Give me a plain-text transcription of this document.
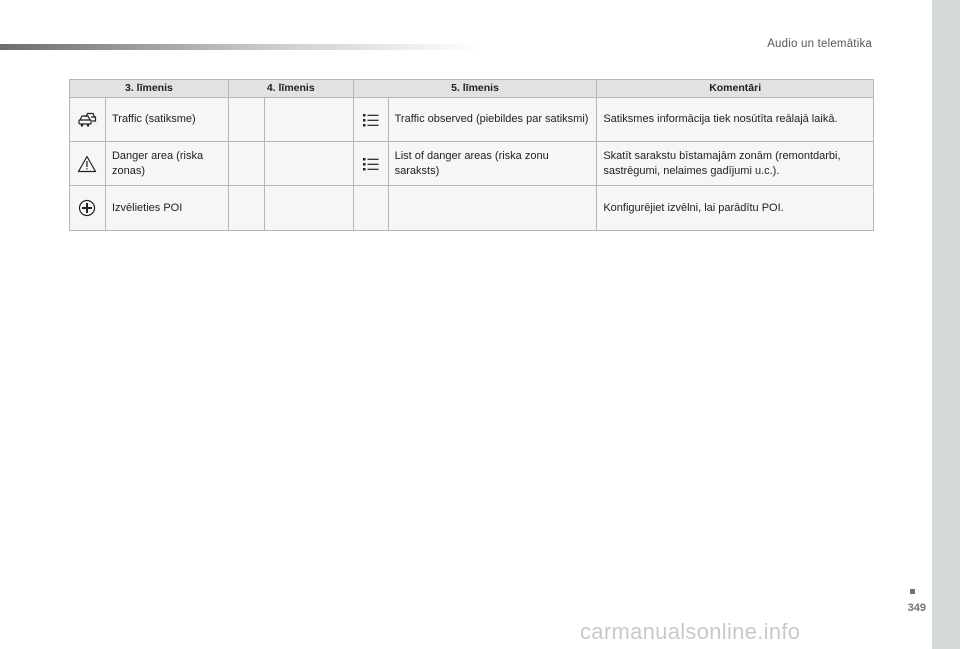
Audio un telemātika
3. līmenis		4. līmenis		5. līmenis		Komentāri

	Traffic (satiksme)				Traffic observed (piebildes par satiksmi)	Satiksmes informācija tiek nosūtīta reālajā laikā.

	Danger area (riska zonas)				List of danger areas (riska zonu saraksts)	Skatīt sarakstu bīstamajām zonām (remontdarbi, sastrēgumi, nelaimes gadījumi u.c.).

	Izvēlieties POI					Konfigurējiet izvēlni, lai parādītu POI.
349
carmanualsonline.info
